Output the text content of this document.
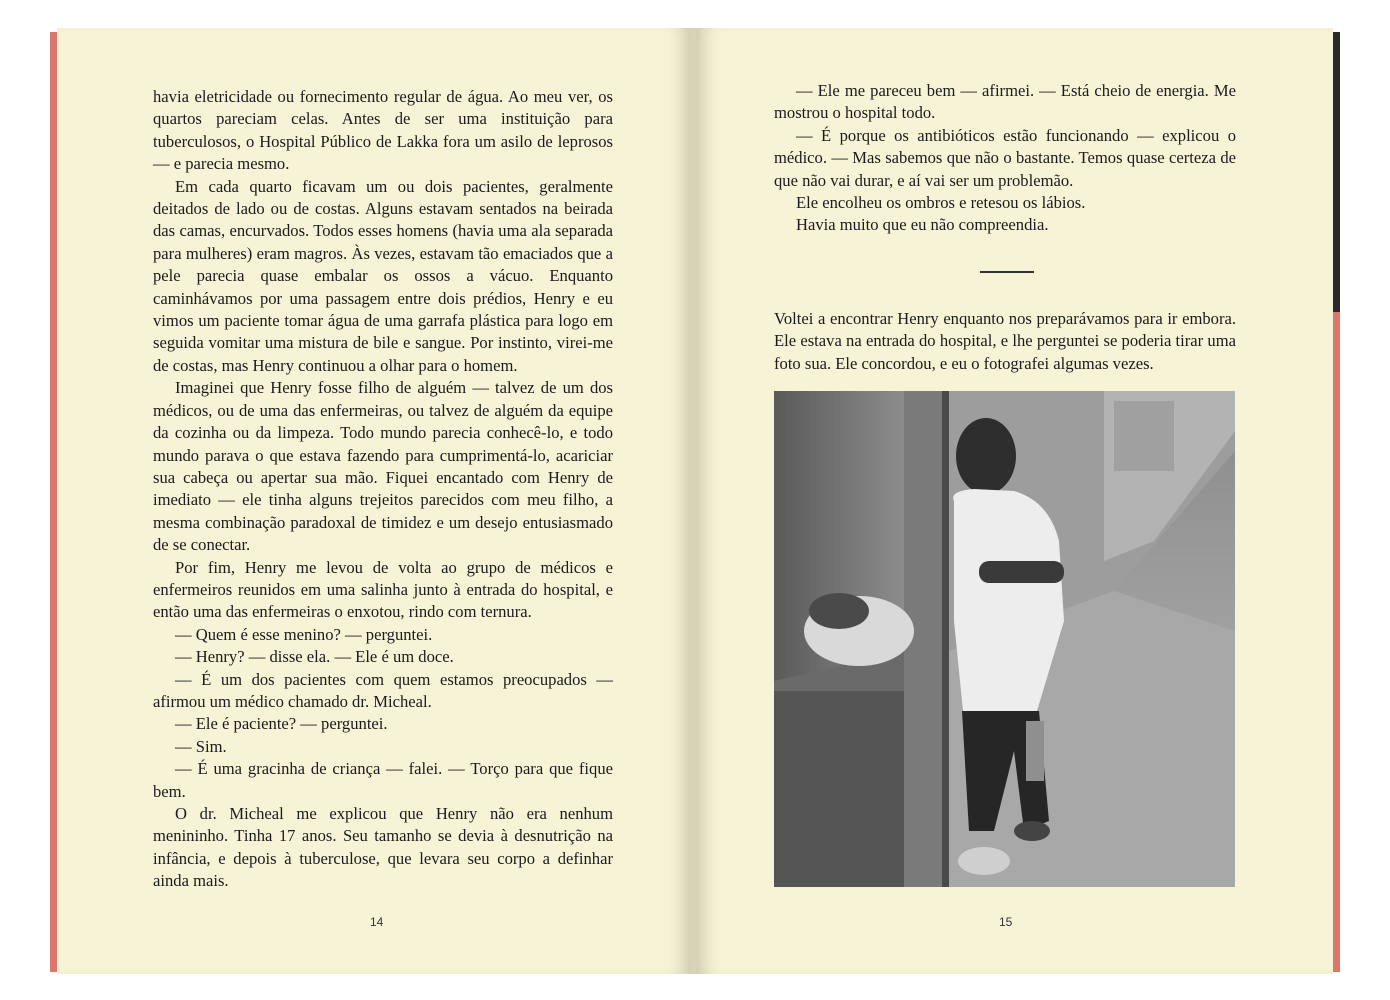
havia eletricidade ou fornecimento regular de água. Ao meu ver, os quartos pareciam celas. Antes de ser uma instituição para tuberculosos, o Hospital Público de Lakka fora um asilo de leprosos — e parecia mesmo.

Em cada quarto ficavam um ou dois pacientes, geralmente deitados de lado ou de costas. Alguns estavam sentados na beirada das camas, encurvados. Todos esses homens (havia uma ala separada para mulheres) eram magros. Às vezes, estavam tão emaciados que a pele parecia quase embalar os ossos a vácuo. Enquanto caminhávamos por uma passagem entre dois prédios, Henry e eu vimos um paciente tomar água de uma garrafa plástica para logo em seguida vomitar uma mistura de bile e sangue. Por instinto, virei-me de costas, mas Henry continuou a olhar para o homem.

Imaginei que Henry fosse filho de alguém — talvez de um dos médicos, ou de uma das enfermeiras, ou talvez de alguém da equipe da cozinha ou da limpeza. Todo mundo parecia conhecê-lo, e todo mundo parava o que estava fazendo para cumprimentá-lo, acariciar sua cabeça ou apertar sua mão. Fiquei encantado com Henry de imediato — ele tinha alguns trejeitos parecidos com meu filho, a mesma combinação paradoxal de timidez e um desejo entusiasmado de se conectar.

Por fim, Henry me levou de volta ao grupo de médicos e enfermeiros reunidos em uma salinha junto à entrada do hospital, e então uma das enfermeiras o enxotou, rindo com ternura.

— Quem é esse menino? — perguntei.

— Henry? — disse ela. — Ele é um doce.

— É um dos pacientes com quem estamos preocupados — afirmou um médico chamado dr. Micheal.

— Ele é paciente? — perguntei.

— Sim.

— É uma gracinha de criança — falei. — Torço para que fique bem.

O dr. Micheal me explicou que Henry não era nenhum menininho. Tinha 17 anos. Seu tamanho se devia à desnutrição na infância, e depois à tuberculose, que levara seu corpo a definhar ainda mais.

14

— Ele me pareceu bem — afirmei. — Está cheio de energia. Me mostrou o hospital todo.

— É porque os antibióticos estão funcionando — explicou o médico. — Mas sabemos que não o bastante. Temos quase certeza de que não vai durar, e aí vai ser um problemão.

Ele encolheu os ombros e retesou os lábios.

Havia muito que eu não compreendia.

Voltei a encontrar Henry enquanto nos preparávamos para ir embora. Ele estava na entrada do hospital, e lhe perguntei se poderia tirar uma foto sua. Ele concordou, e eu o fotografei algumas vezes.

15
